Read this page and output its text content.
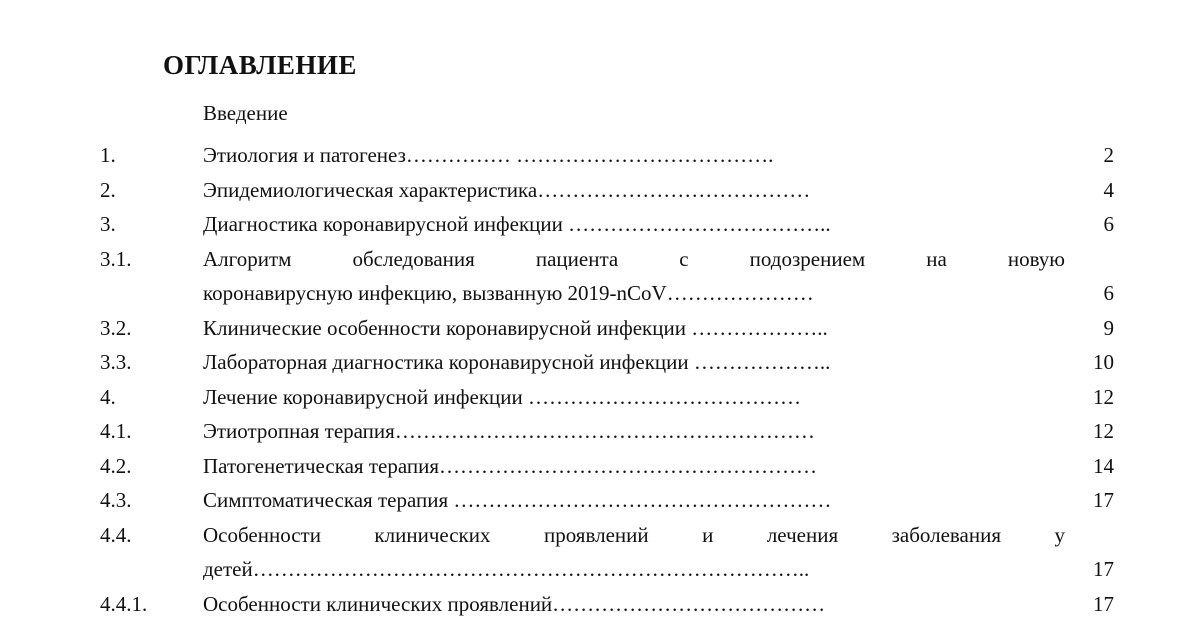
ОГЛАВЛЕНИЕ
Введение
1.	Этиология и патогенез…………… ……………………………….	2
2.	Эпидемиологическая характеристика…………………………………	4
3.	Диагностика коронавирусной инфекции ………………………………..	6
3.1.	Алгоритм обследования пациента с подозрением на новую
коронавирусную инфекцию, вызванную 2019-nCoV…………………	6
3.2.	Клинические особенности коронавирусной инфекции ………………..	9
3.3.	Лабораторная диагностика коронавирусной инфекции ………………..	10
4.	Лечение коронавирусной инфекции …………………………………	12
4.1.	Этиотропная терапия……………………………………………………	12
4.2.	Патогенетическая терапия………………………………………………	14
4.3.	Симптоматическая терапия ………………………………………………	17
4.4.	Особенности клинических проявлений и лечения заболевания у
детей……………………………………………………………………..	17
4.4.1.	Особенности клинических проявлений…………………………………	17
